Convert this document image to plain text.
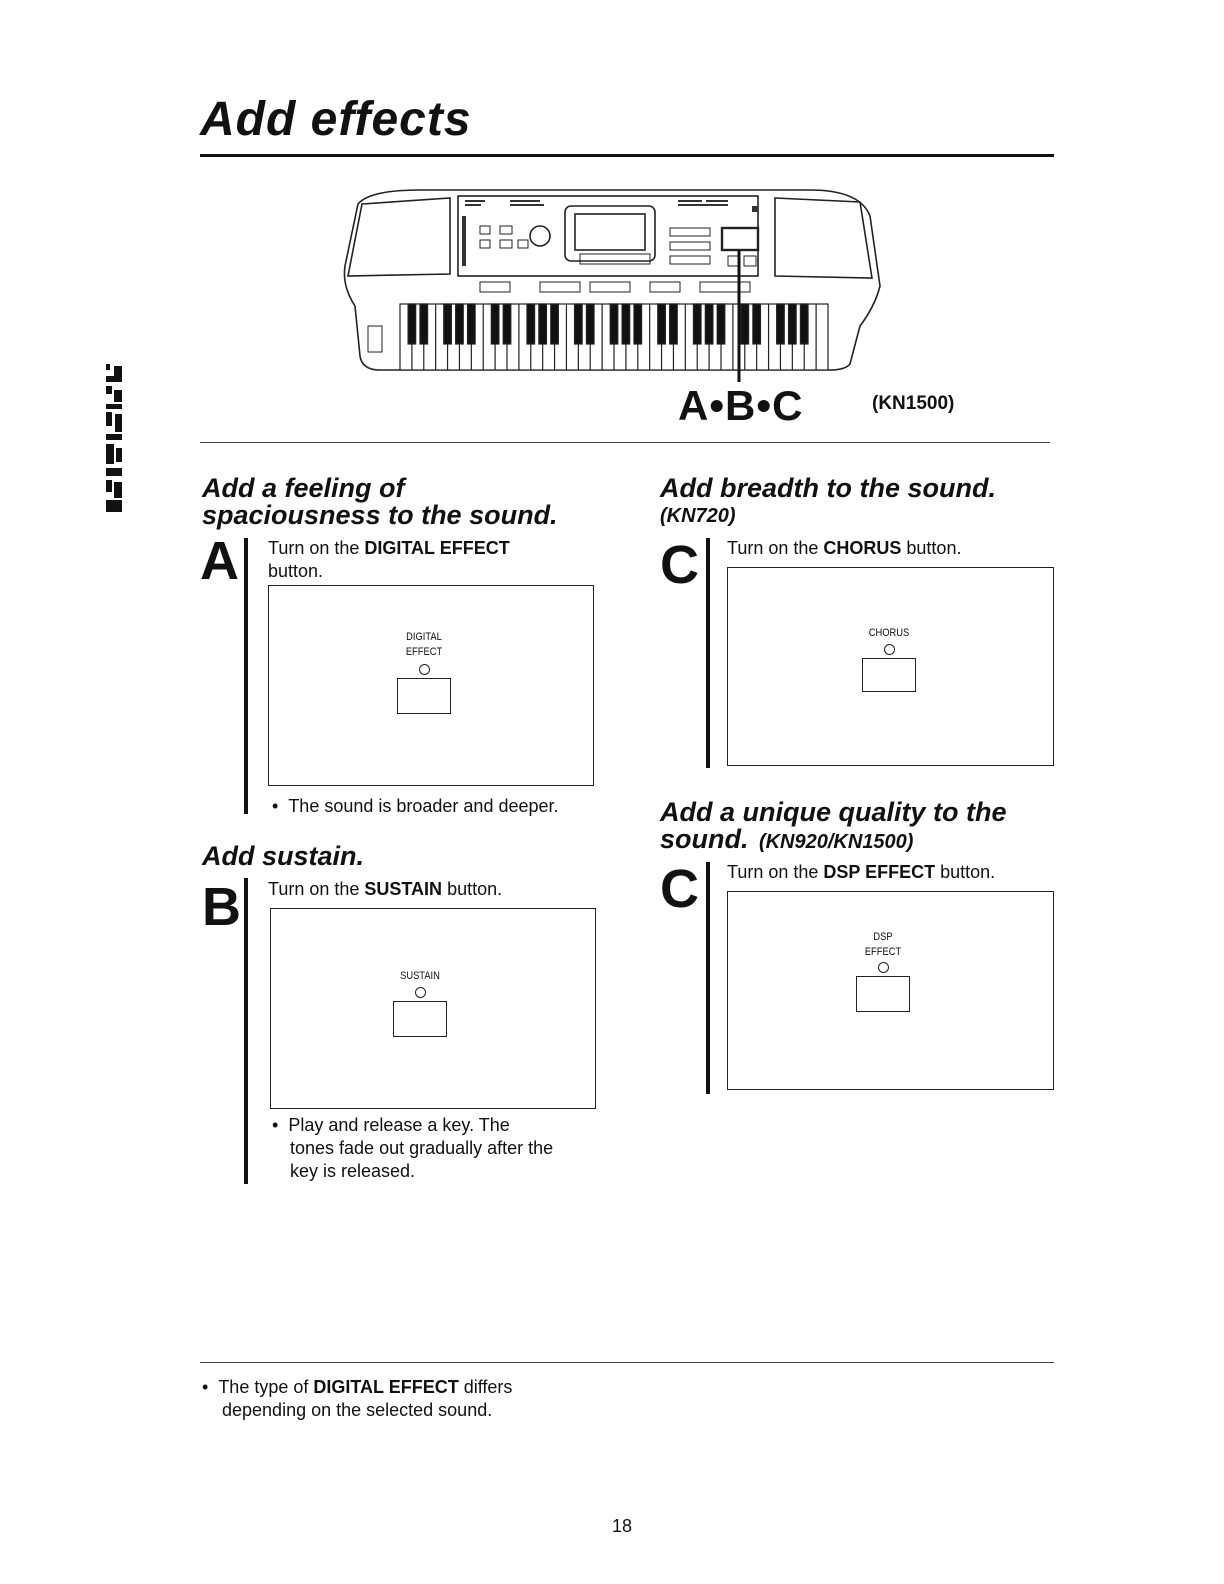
Add effects
A•B•C	(KN1500)
Add a feeling of
spaciousness to the sound.
A Turn on the DIGITAL EFFECT
button.
DIGITAL
EFFECT
•  The sound is broader and deeper.
Add sustain.
B Turn on the SUSTAIN button.
SUSTAIN
•  Play and release a key. The
tones fade out gradually after the
key is released.
Add breadth to the sound.
(KN720)
C Turn on the CHORUS button.
CHORUS
Add a unique quality to the
sound. (KN920/KN1500)
C Turn on the DSP EFFECT button.
DSP
EFFECT
•  The type of DIGITAL EFFECT differs
depending on the selected sound.
18
